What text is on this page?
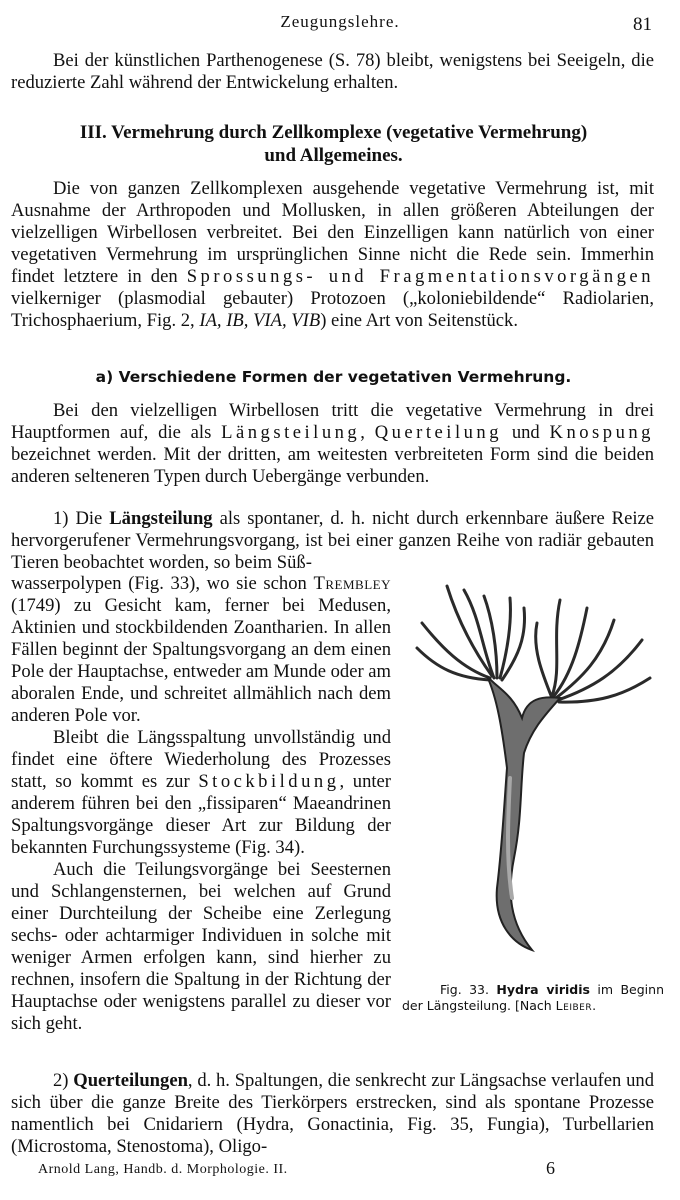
Zeugungslehre.	81

Bei der künstlichen Parthenogenese (S. 78) bleibt, wenigstens bei Seeigeln, die reduzierte Zahl während der Entwickelung erhalten.

III. Vermehrung durch Zellkomplexe (vegetative Vermehrung)
und Allgemeines.

Die von ganzen Zellkomplexen ausgehende vegetative Vermehrung ist, mit Ausnahme der Arthropoden und Mollusken, in allen größeren Abteilungen der vielzelligen Wirbellosen verbreitet. Bei den Einzelligen kann natürlich von einer vegetativen Vermehrung im ursprünglichen Sinne nicht die Rede sein. Immerhin findet letztere in den Sprossungs- und Fragmentationsvorgängen vielkerniger (plasmodial gebauter) Protozoen („koloniebildende“ Radiolarien, Trichosphaerium, Fig. 2, IA, IB, VIA, VIB) eine Art von Seitenstück.

a) Verschiedene Formen der vegetativen Vermehrung.

Bei den vielzelligen Wirbellosen tritt die vegetative Vermehrung in drei Hauptformen auf, die als Längsteilung, Querteilung und Knospung bezeichnet werden. Mit der dritten, am weitesten verbreiteten Form sind die beiden anderen selteneren Typen durch Uebergänge verbunden.

1) Die Längsteilung als spontaner, d. h. nicht durch erkennbare äußere Reize hervorgerufener Vermehrungsvorgang, ist bei einer ganzen Reihe von radiär gebauten Tieren beobachtet worden, so beim Süß-

wasserpolypen (Fig. 33), wo sie schon Trembley (1749) zu Gesicht kam, ferner bei Medusen, Aktinien und stockbildenden Zoantharien. In allen Fällen beginnt der Spaltungsvorgang an dem einen Pole der Hauptachse, entweder am Munde oder am aboralen Ende, und schreitet allmählich nach dem anderen Pole vor.

Bleibt die Längsspaltung unvollständig und findet eine öftere Wiederholung des Prozesses statt, so kommt es zur Stockbildung, unter anderem führen bei den „fissiparen“ Maeandrinen Spaltungsvorgänge dieser Art zur Bildung der bekannten Furchungssysteme (Fig. 34).

Auch die Teilungsvorgänge bei Seesternen und Schlangensternen, bei welchen auf Grund einer Durchteilung der Scheibe eine Zerlegung sechs- oder achtarmiger Individuen in solche mit weniger Armen erfolgen kann, sind hierher zu rechnen, insofern die Spaltung in der Richtung der Hauptachse oder wenigstens parallel zu dieser vor sich geht.

Fig. 33. Hydra viridis im Beginn der Längsteilung. [Nach Leiber.

2) Querteilungen, d. h. Spaltungen, die senkrecht zur Längsachse verlaufen und sich über die ganze Breite des Tierkörpers erstrecken, sind als spontane Prozesse namentlich bei Cnidariern (Hydra, Gonactinia, Fig. 35, Fungia), Turbellarien (Microstoma, Stenostoma), Oligo-

Arnold Lang, Handb. d. Morphologie. II.	6
